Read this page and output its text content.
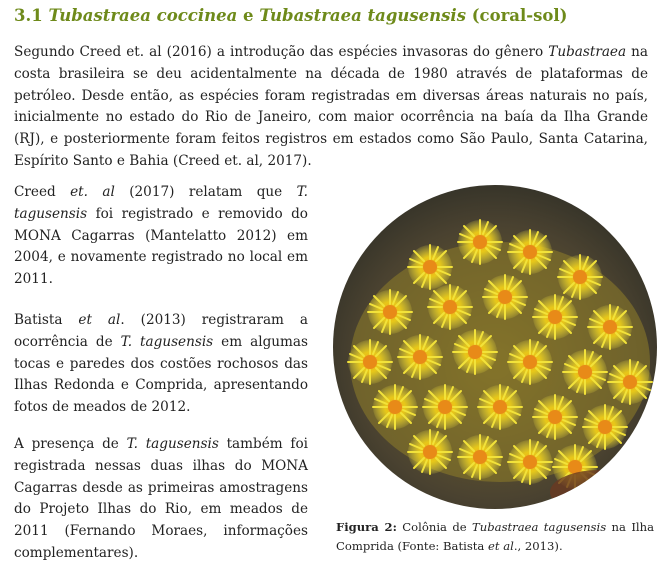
3.1 Tubastraea coccinea e Tubastraea tagusensis (coral-sol)

Segundo Creed et. al (2016) a introdução das espécies invasoras do gênero Tubastraea na costa brasileira se deu acidentalmente na década de 1980 através de plataformas de petróleo. Desde então, as espécies foram registradas em diversas áreas naturais no país, inicialmente no estado do Rio de Janeiro, com maior ocorrência na baía da Ilha Grande (RJ), e posteriormente foram feitos registros em estados como São Paulo, Santa Catarina, Espírito Santo e Bahia (Creed et. al, 2017).

Creed et. al (2017) relatam que T. tagusensis foi registrado e removido do MONA Cagarras (Mantelatto 2012) em 2004, e novamente registrado no local em 2011.

Batista et al. (2013) registraram a ocorrência de T. tagusensis em algumas tocas e paredes dos costões rochosos das Ilhas Redonda e Comprida, apresentando fotos de meados de 2012.

A presença de T. tagusensis também foi registrada nessas duas ilhas do MONA Cagarras desde as primeiras amostragens do Projeto Ilhas do Rio, em meados de 2011 (Fernando Moraes, informações complementares).

Figura 2: Colônia de Tubastraea tagusensis na Ilha Comprida (Fonte: Batista et al., 2013).
